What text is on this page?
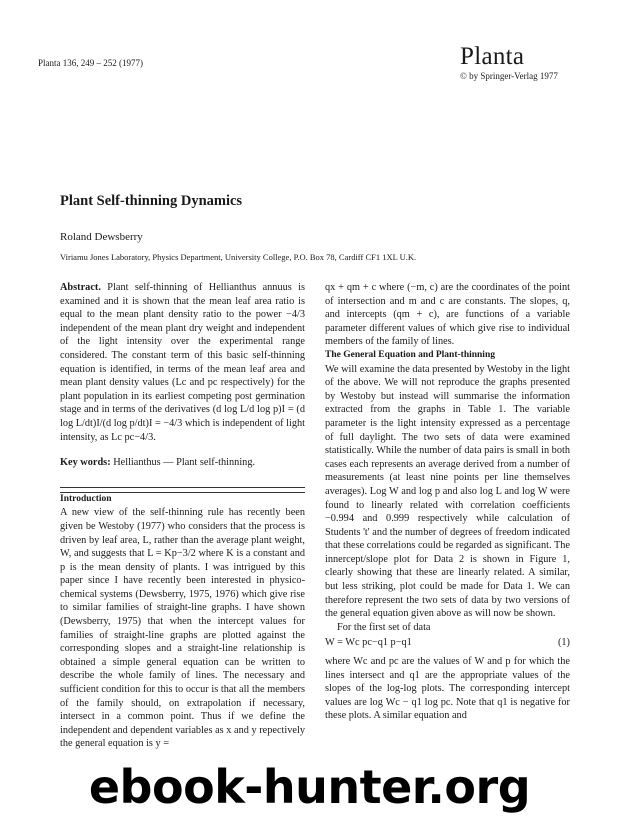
Planta 136, 249 – 252 (1977)	Planta
© by Springer-Verlag 1977
Plant Self-thinning Dynamics
Roland Dewsberry
Viriamu Jones Laboratory, Physics Department, University College, P.O. Box 78, Cardiff CF1 1XL U.K.

Abstract. Plant self-thinning of Hellianthus annuus is examined and it is shown that the mean leaf area ratio is equal to the mean plant density ratio to the power −4/3 independent of the mean plant dry weight and independent of the light intensity over the experimental range considered. The constant term of this basic self-thinning equation is identified, in terms of the mean leaf area and mean plant density values (Lc and pc respectively) for the plant population in its earliest competing post germination stage and in terms of the derivatives (d log L/d log p)I = (d log L/dt)I/(d log p/dt)I = −4/3 which is independent of light intensity, as Lc pc−4/3.

Key words: Hellianthus — Plant self-thinning.

Introduction

A new view of the self-thinning rule has recently been given be Westoby (1977) who considers that the process is driven by leaf area, L, rather than the average plant weight, W, and suggests that L = Kp−3/2 where K is a constant and p is the mean density of plants. I was intrigued by this paper since I have recently been interested in physico-chemical systems (Dewsberry, 1975, 1976) which give rise to similar families of straight-line graphs. I have shown (Dewsberry, 1975) that when the intercept values for families of straight-line graphs are plotted against the corresponding slopes and a straight-line relationship is obtained a simple general equation can be written to describe the whole family of lines. The necessary and sufficient condition for this to occur is that all the members of the family should, on extrapolation if necessary, intersect in a common point. Thus if we define the independent and dependent variables as x and y repectively the general equation is y =

qx + qm + c where (−m, c) are the coordinates of the point of intersection and m and c are constants. The slopes, q, and intercepts (qm + c), are functions of a variable parameter different values of which give rise to individual members of the family of lines.

The General Equation and Plant-thinning

We will examine the data presented by Westoby in the light of the above. We will not reproduce the graphs presented by Westoby but instead will summarise the information extracted from the graphs in Table 1. The variable parameter is the light intensity expressed as a percentage of full daylight. The two sets of data were examined statistically. While the number of data pairs is small in both cases each represents an average derived from a number of measurements (at least nine points per line themselves averages). Log W and log p and also log L and log W were found to linearly related with correlation coefficients −0.994 and 0.999 respectively while calculation of Students 't' and the number of degrees of freedom indicated that these correlations could be regarded as significant. The innercept/slope plot for Data 2 is shown in Figure 1, clearly showing that these are linearly related. A similar, but less striking, plot could be made for Data 1. We can therefore represent the two sets of data by two versions of the general equation given above as will now be shown.

For the first set of data

W = Wc pc−q1 p−q1	(1)

where Wc and pc are the values of W and p for which the lines intersect and q1 are the appropriate values of the slopes of the log-log plots. The corresponding intercept values are log Wc − q1 log pc. Note that q1 is negative for these plots. A similar equation and

ebook-hunter.org
